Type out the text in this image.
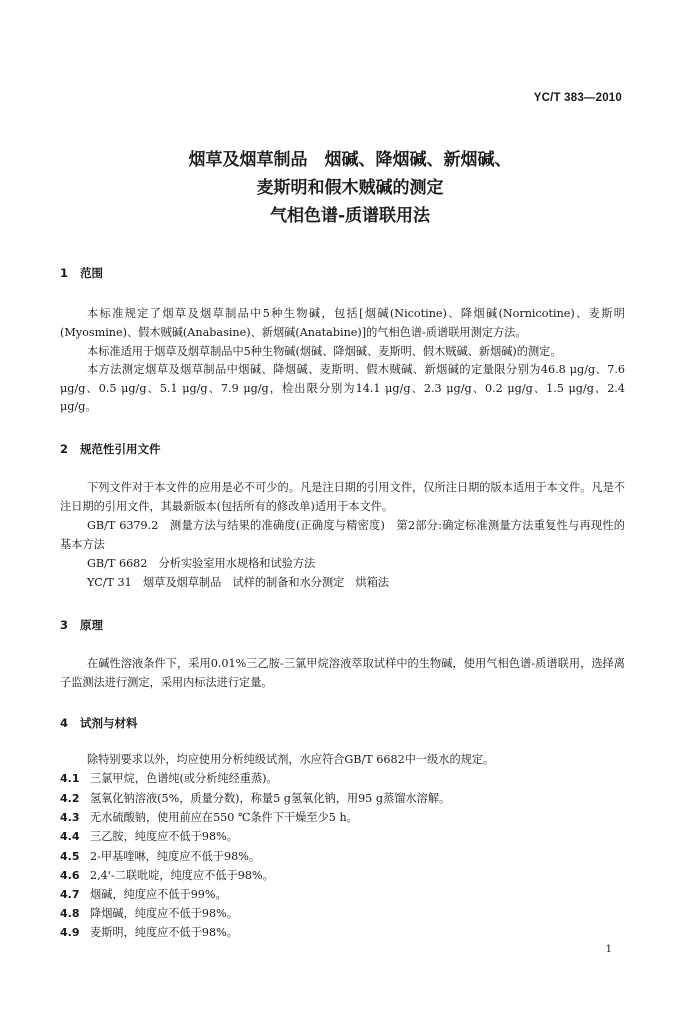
YC/T 383—2010
烟草及烟草制品　烟碱、降烟碱、新烟碱、
麦斯明和假木贼碱的测定
气相色谱-质谱联用法
1 范围
本标准规定了烟草及烟草制品中5种生物碱，包括[烟碱(Nicotine)、降烟碱(Nornicotine)、麦斯明(Myosmine)、假木贼碱(Anabasine)、新烟碱(Anatabine)]的气相色谱-质谱联用测定方法。
本标准适用于烟草及烟草制品中5种生物碱(烟碱、降烟碱、麦斯明、假木贼碱、新烟碱)的测定。
本方法测定烟草及烟草制品中烟碱、降烟碱、麦斯明、假木贼碱、新烟碱的定量限分别为46.8 μg/g、7.6 μg/g、0.5 μg/g、5.1 μg/g、7.9 μg/g，检出限分别为14.1 μg/g、2.3 μg/g、0.2 μg/g、1.5 μg/g、2.4 μg/g。
2 规范性引用文件
下列文件对于本文件的应用是必不可少的。凡是注日期的引用文件，仅所注日期的版本适用于本文件。凡是不注日期的引用文件，其最新版本(包括所有的修改单)适用于本文件。
GB/T 6379.2　测量方法与结果的准确度(正确度与精密度)　第2部分:确定标准测量方法重复性与再现性的基本方法
GB/T 6682　分析实验室用水规格和试验方法
YC/T 31　烟草及烟草制品　试样的制备和水分测定　烘箱法
3 原理
在碱性溶液条件下，采用0.01%三乙胺-三氯甲烷溶液萃取试样中的生物碱，使用气相色谱-质谱联用，选择离子监测法进行测定，采用内标法进行定量。
4 试剂与材料
除特别要求以外，均应使用分析纯级试剂，水应符合GB/T 6682中一级水的规定。
4.1 三氯甲烷，色谱纯(或分析纯经重蒸)。
4.2 氢氧化钠溶液(5%，质量分数)，称量5 g氢氧化钠，用95 g蒸馏水溶解。
4.3 无水硫酸钠，使用前应在550 ℃条件下干燥至少5 h。
4.4 三乙胺，纯度应不低于98%。
4.5 2-甲基喹啉，纯度应不低于98%。
4.6 2,4'-二联吡啶，纯度应不低于98%。
4.7 烟碱，纯度应不低于99%。
4.8 降烟碱，纯度应不低于98%。
4.9 麦斯明，纯度应不低于98%。
1
